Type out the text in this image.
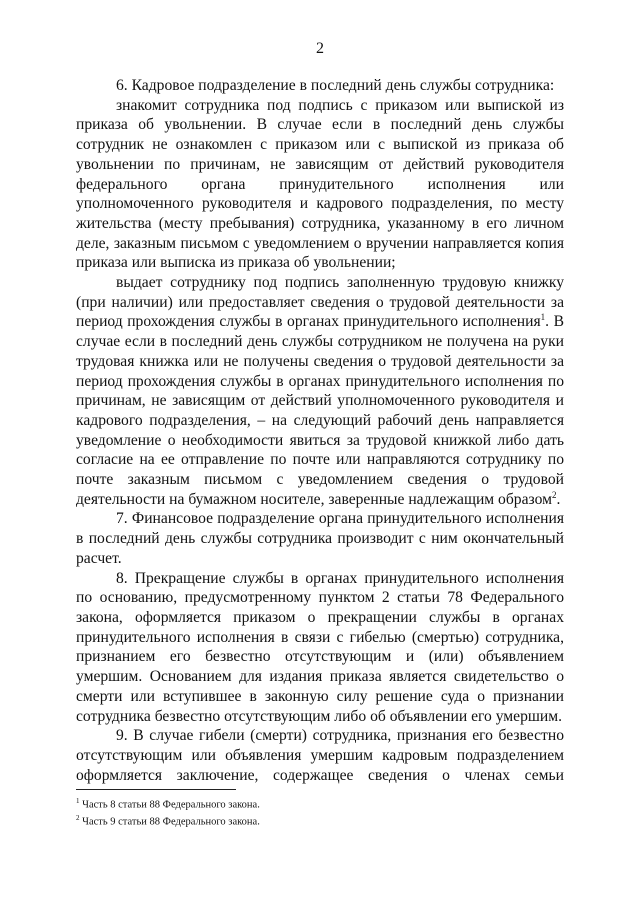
2

6. Кадровое подразделение в последний день службы сотрудника:

знакомит сотрудника под подпись с приказом или выпиской из приказа об увольнении. В случае если в последний день службы сотрудник не ознакомлен с приказом или с выпиской из приказа об увольнении по причинам, не зависящим от действий руководителя федерального органа принудительного исполнения или уполномоченного руководителя и кадрового подразделения, по месту жительства (месту пребывания) сотрудника, указанному в его личном деле, заказным письмом с уведомлением о вручении направляется копия приказа или выписка из приказа об увольнении;

выдает сотруднику под подпись заполненную трудовую книжку (при наличии) или предоставляет сведения о трудовой деятельности за период прохождения службы в органах принудительного исполнения$^1$. В случае если в последний день службы сотрудником не получена на руки трудовая книжка или не получены сведения о трудовой деятельности за период прохождения службы в органах принудительного исполнения по причинам, не зависящим от действий уполномоченного руководителя и кадрового подразделения, – на следующий рабочий день направляется уведомление о необходимости явиться за трудовой книжкой либо дать согласие на ее отправление по почте или направляются сотруднику по почте заказным письмом с уведомлением сведения о трудовой деятельности на бумажном носителе, заверенные надлежащим образом$^2$.

7. Финансовое подразделение органа принудительного исполнения в последний день службы сотрудника производит с ним окончательный расчет.

8. Прекращение службы в органах принудительного исполнения по основанию, предусмотренному пунктом 2 статьи 78 Федерального закона, оформляется приказом о прекращении службы в органах принудительного исполнения в связи с гибелью (смертью) сотрудника, признанием его безвестно отсутствующим и (или) объявлением умершим. Основанием для издания приказа является свидетельство о смерти или вступившее в законную силу решение суда о признании сотрудника безвестно отсутствующим либо об объявлении его умершим.

9. В случае гибели (смерти) сотрудника, признания его безвестно отсутствующим или объявления умершим кадровым подразделением оформляется заключение, содержащее сведения о членах семьи

$^1$ Часть 8 статьи 88 Федерального закона.
$^2$ Часть 9 статьи 88 Федерального закона.
